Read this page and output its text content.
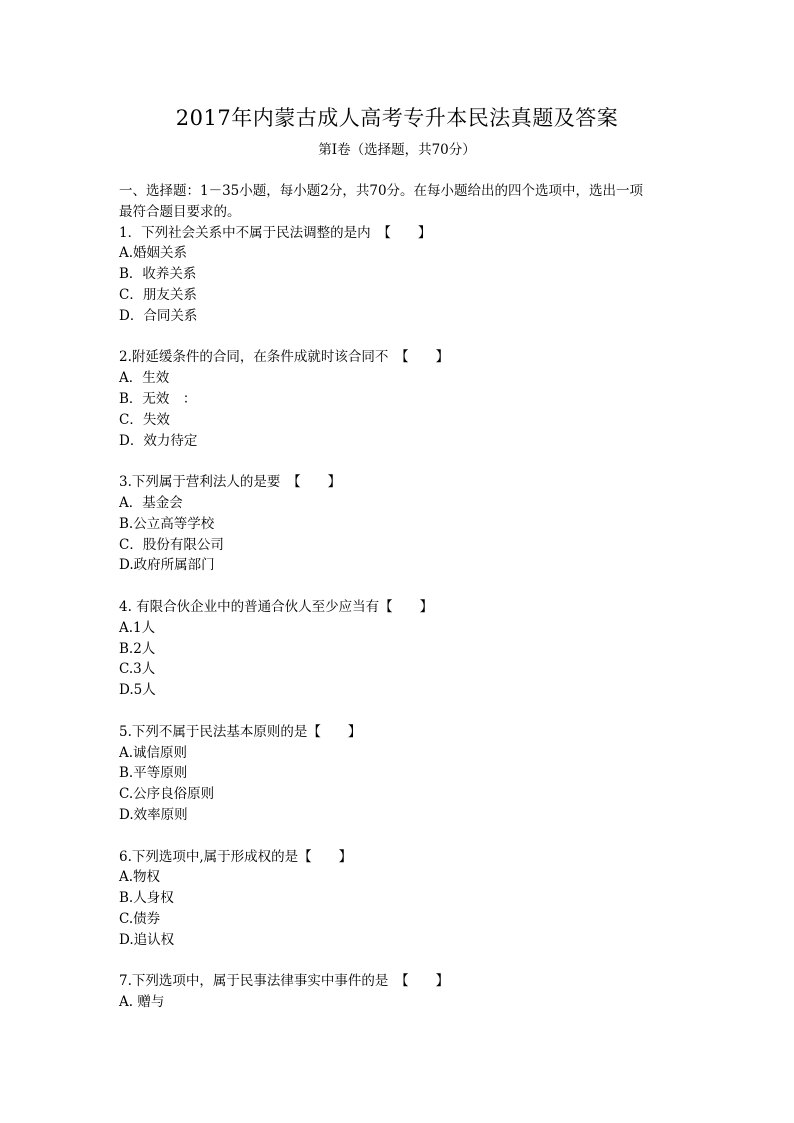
2017年内蒙古成人高考专升本民法真题及答案
第Ⅰ卷（选择题，共70分）
一、选择题：1－35小题，每小题2分，共70分。在每小题给出的四个选项中，选出一项
最符合题目要求的。
1．下列社会关系中不属于民法调整的是内　【　　】
A.婚姻关系
B．收养关系
C．朋友关系
D．合同关系
2.附延缓条件的合同，在条件成就时该合同不　【　　】
A．生效
B．无效　：
C．失效
D．效力待定
3.下列属于营利法人的是要　【　　】
A．基金会
B.公立高等学校
C．股份有限公司
D.政府所属部门
4. 有限合伙企业中的普通合伙人至少应当有【　　】
A.1人
B.2人
C.3人
D.5人
5.下列不属于民法基本原则的是【　　】
A.诚信原则
B.平等原则
C.公序良俗原则
D.效率原则
6.下列选项中,属于形成权的是【　　】
A.物权
B.人身权
C.债券
D.追认权
7.下列选项中，属于民事法律事实中事件的是　【　　】
A. 赠与
